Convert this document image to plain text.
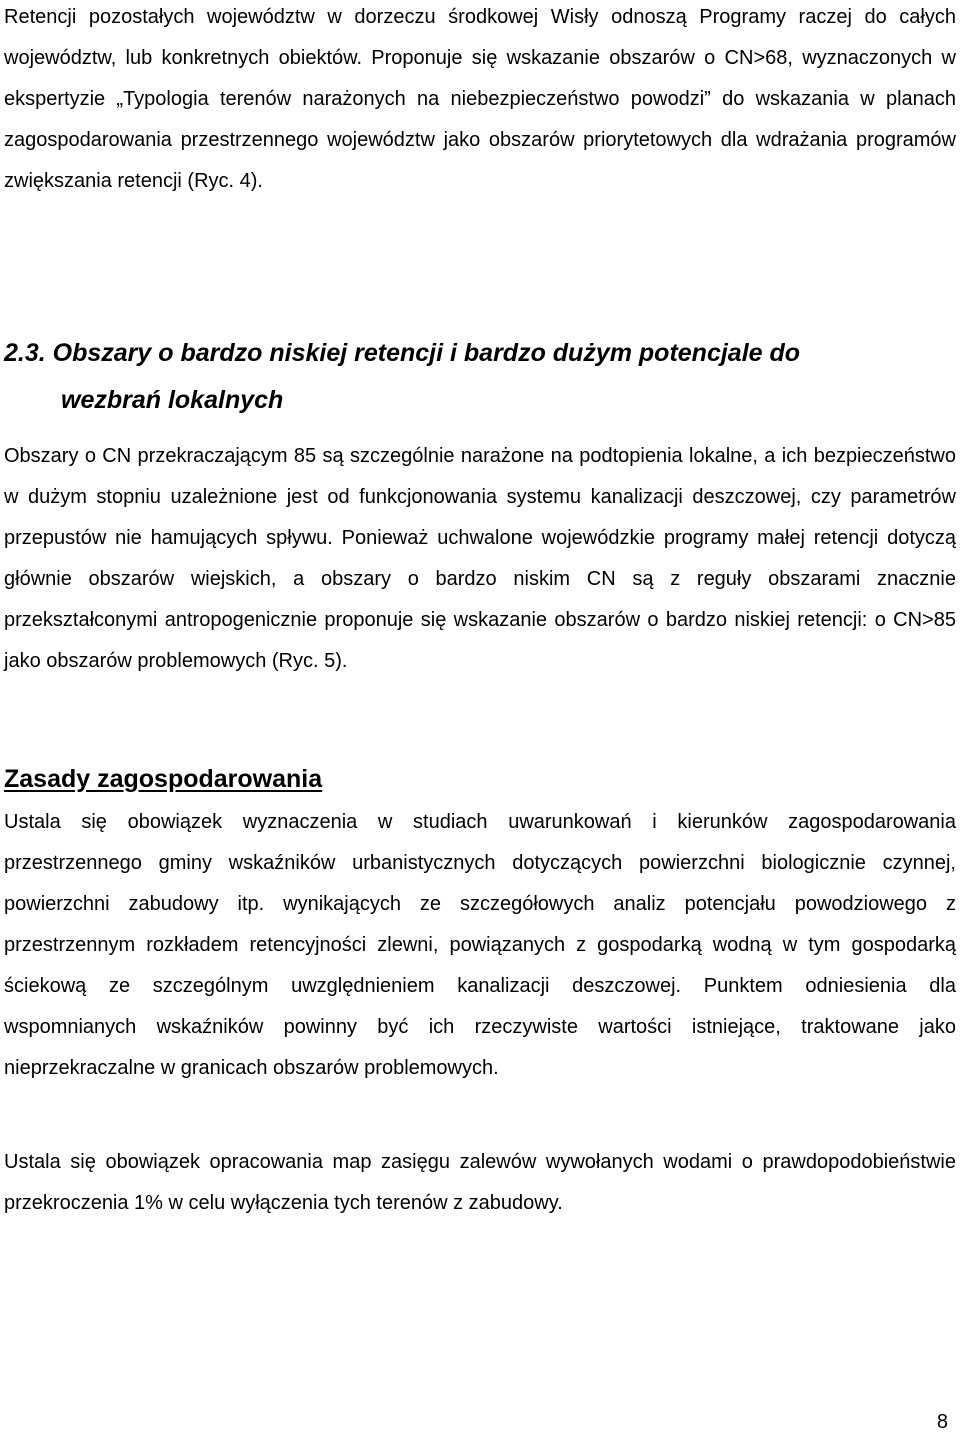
Retencji pozostałych województw w dorzeczu środkowej Wisły odnoszą Programy raczej do całych województw, lub konkretnych obiektów. Proponuje się wskazanie obszarów o CN>68, wyznaczonych w ekspertyzie „Typologia terenów narażonych na niebezpieczeństwo powodzi” do wskazania w planach zagospodarowania przestrzennego województw jako obszarów priorytetowych dla wdrażania programów zwiększania retencji (Ryc. 4).

2.3. Obszary o bardzo niskiej retencji i bardzo dużym potencjale do
wezbrań lokalnych

Obszary o CN przekraczającym 85 są szczególnie narażone na podtopienia lokalne, a ich bezpieczeństwo w dużym stopniu uzależnione jest od funkcjonowania systemu kanalizacji deszczowej, czy parametrów przepustów nie hamujących spływu. Ponieważ uchwalone wojewódzkie programy małej retencji dotyczą głównie obszarów wiejskich, a obszary o bardzo niskim CN są z reguły obszarami znacznie przekształconymi antropogenicznie proponuje się wskazanie obszarów o bardzo niskiej retencji: o CN>85 jako obszarów problemowych (Ryc. 5).

Zasady zagospodarowania

Ustala się obowiązek wyznaczenia w studiach uwarunkowań i kierunków zagospodarowania przestrzennego gminy wskaźników urbanistycznych dotyczących powierzchni biologicznie czynnej, powierzchni zabudowy itp. wynikających ze szczegółowych analiz potencjału powodziowego z przestrzennym rozkładem retencyjności zlewni, powiązanych z gospodarką wodną w tym gospodarką ściekową ze szczególnym uwzględnieniem kanalizacji deszczowej. Punktem odniesienia dla wspomnianych wskaźników powinny być ich rzeczywiste wartości istniejące, traktowane jako nieprzekraczalne w granicach obszarów problemowych.

Ustala się obowiązek opracowania map zasięgu zalewów wywołanych wodami o prawdopodobieństwie przekroczenia 1% w celu wyłączenia tych terenów z zabudowy.

8
